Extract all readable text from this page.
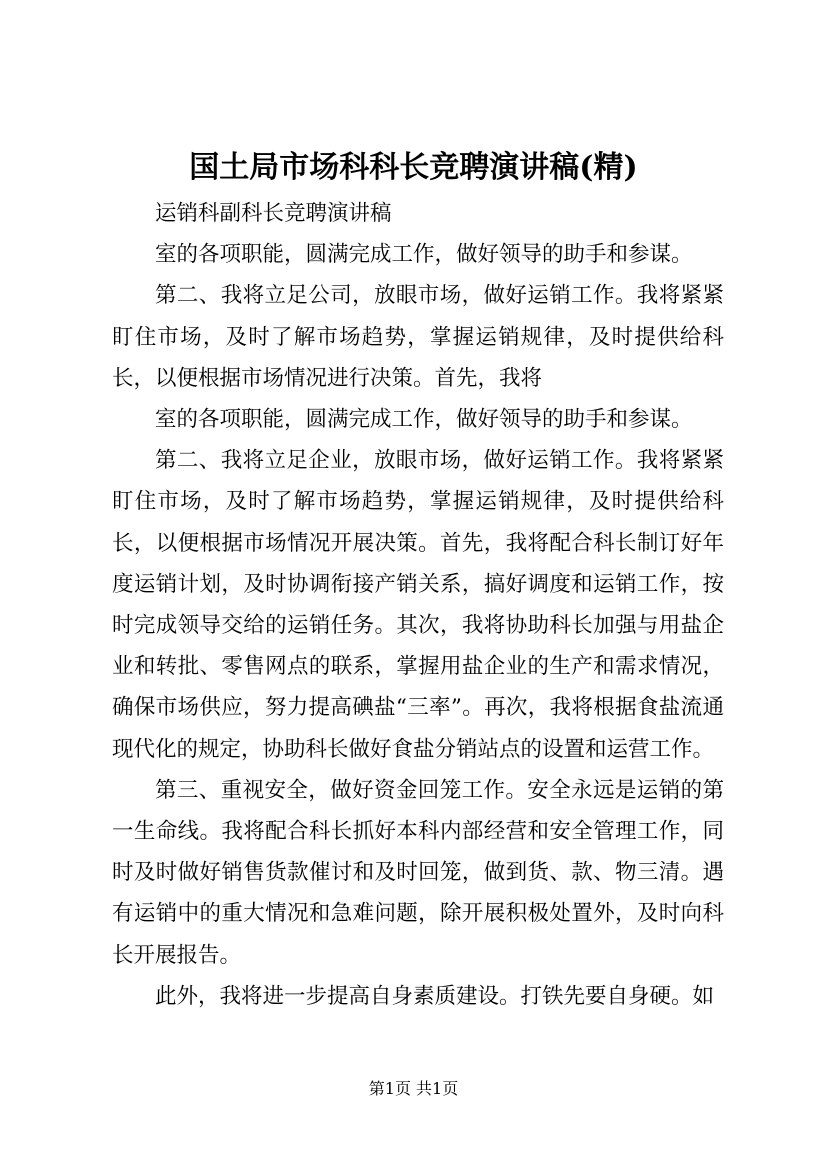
国土局市场科科长竞聘演讲稿(精)

运销科副科长竞聘演讲稿

室的各项职能，圆满完成工作，做好领导的助手和参谋。

第二、我将立足公司，放眼市场，做好运销工作。我将紧紧盯住市场，及时了解市场趋势，掌握运销规律，及时提供给科长，以便根据市场情况进行决策。首先，我将

室的各项职能，圆满完成工作，做好领导的助手和参谋。

第二、我将立足企业，放眼市场，做好运销工作。我将紧紧盯住市场，及时了解市场趋势，掌握运销规律，及时提供给科长，以便根据市场情况开展决策。首先，我将配合科长制订好年度运销计划，及时协调衔接产销关系，搞好调度和运销工作，按时完成领导交给的运销任务。其次，我将协助科长加强与用盐企业和转批、零售网点的联系，掌握用盐企业的生产和需求情况，确保市场供应，努力提高碘盐“三率”。再次，我将根据食盐流通现代化的规定，协助科长做好食盐分销站点的设置和运营工作。

第三、重视安全，做好资金回笼工作。安全永远是运销的第一生命线。我将配合科长抓好本科内部经营和安全管理工作，同时及时做好销售货款催讨和及时回笼，做到货、款、物三清。遇有运销中的重大情况和急难问题，除开展积极处置外，及时向科长开展报告。

此外，我将进一步提高自身素质建设。打铁先要自身硬。如

第1页 共1页
